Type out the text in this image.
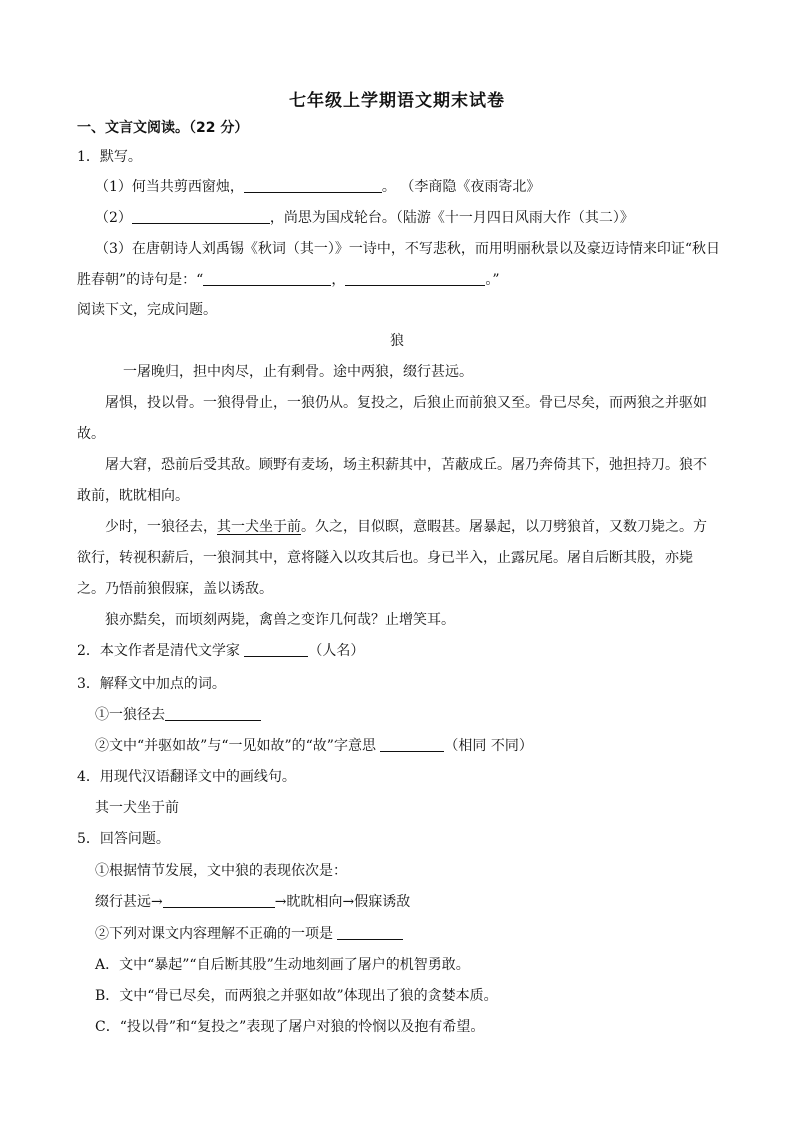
七年级上学期语文期末试卷
一、文言文阅读。（22 分）
1．默写。
（1）何当共剪西窗烛，	。 （李商隐《夜雨寄北》
（2）	，尚思为国戍轮台。（陆游《十一月四日风雨大作（其二）》
（3）在唐朝诗人刘禹锡《秋词（其一）》一诗中，不写悲秋，而用明丽秋景以及豪迈诗情来印证“秋日
胜春朝”的诗句是：“	，	。”
阅读下文，完成问题。
狼
一屠晚归，担中肉尽，止有剩骨。途中两狼，缀行甚远。
屠惧，投以骨。一狼得骨止，一狼仍从。复投之，后狼止而前狼又至。骨已尽矣，而两狼之并驱如
故。
屠大窘，恐前后受其敌。顾野有麦场，场主积薪其中，苫蔽成丘。屠乃奔倚其下，弛担持刀。狼不
敢前，眈眈相向。
少时，一狼径去，其一犬坐于前。久之，目似瞑，意暇甚。屠暴起，以刀劈狼首，又数刀毙之。方
欲行，转视积薪后，一狼洞其中，意将隧入以攻其后也。身已半入，止露尻尾。屠自后断其股，亦毙
之。乃悟前狼假寐，盖以诱敌。
狼亦黠矣，而顷刻两毙，禽兽之变诈几何哉？止增笑耳。
2．本文作者是清代文学家	（人名）
3．解释文中加点的词。
①一狼径去
②文中“并驱如故”与“一见如故”的“故”字意思	（相同 不同）
4．用现代汉语翻译文中的画线句。
其一犬坐于前
5．回答问题。
①根据情节发展，文中狼的表现依次是：
缀行甚远→	→眈眈相向→假寐诱敌
②下列对课文内容理解不正确的一项是
A．文中“暴起”“自后断其股”生动地刻画了屠户的机智勇敢。
B．文中“骨已尽矣，而两狼之并驱如故”体现出了狼的贪婪本质。
C．“投以骨”和“复投之”表现了屠户对狼的怜悯以及抱有希望。
